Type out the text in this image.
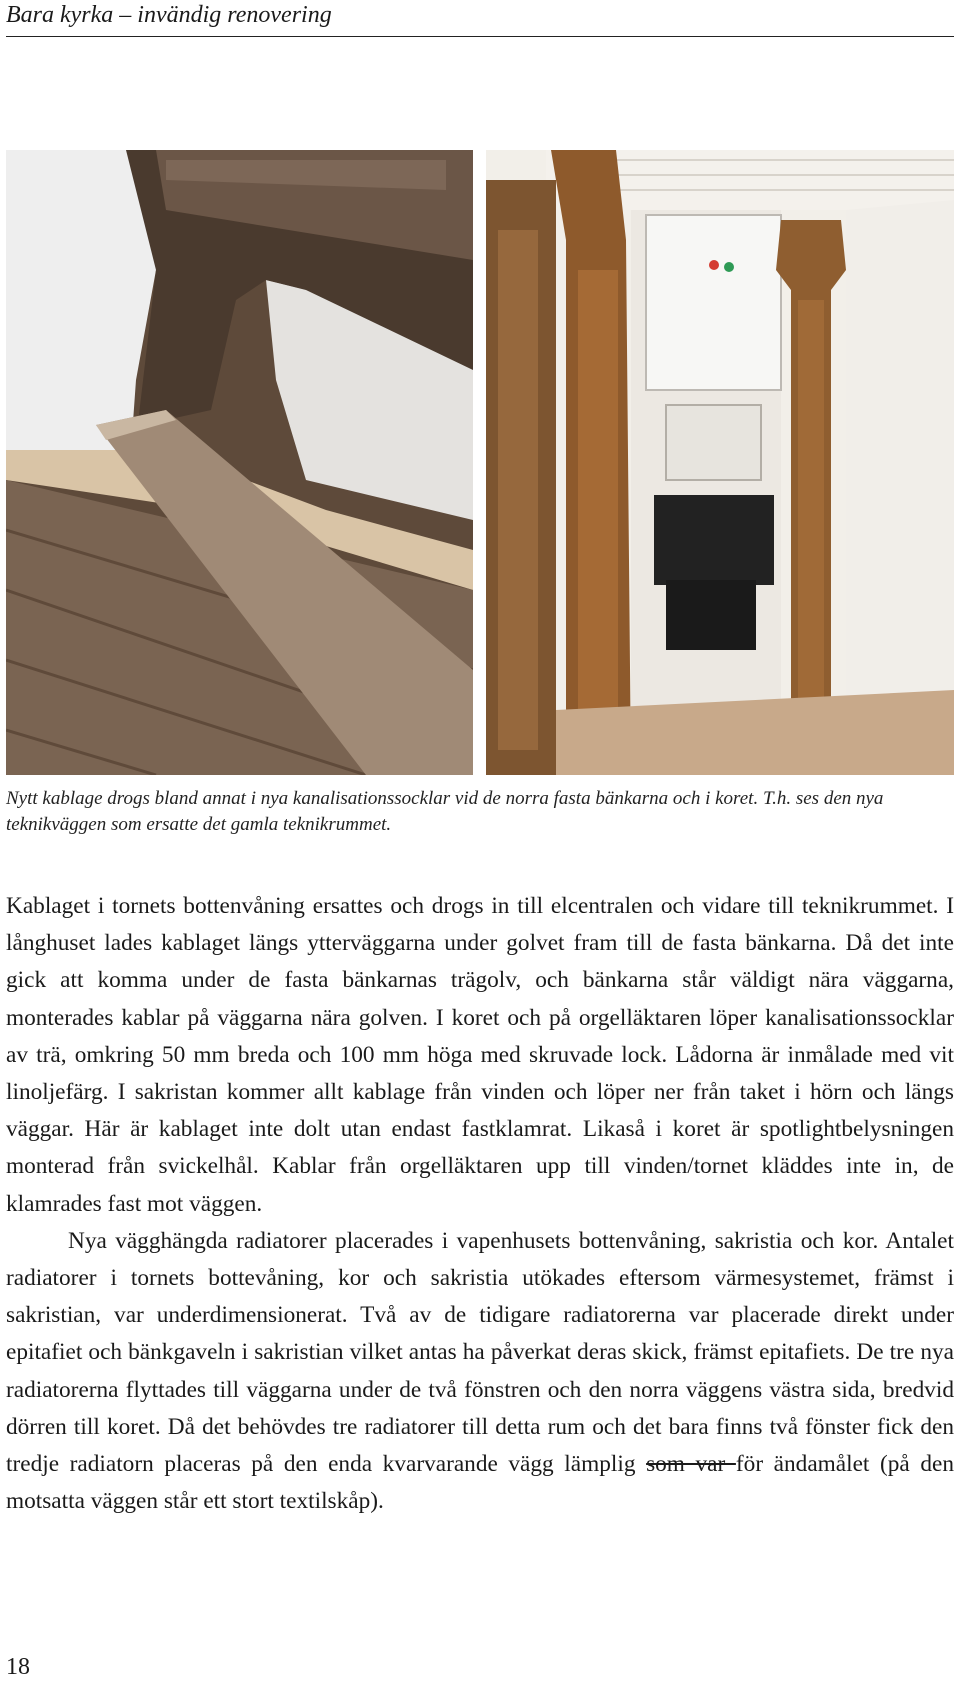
Bara kyrka – invändig renovering
Nytt kablage drogs bland annat i nya kanalisationssocklar vid de norra fasta bänkarna och i koret. T.h. ses den nya teknikväggen som ersatte det gamla teknikrummet.

Kablaget i tornets bottenvåning ersattes och drogs in till elcentralen och vidare till teknikrummet. I långhuset lades kablaget längs ytterväggarna under golvet fram till de fasta bänkarna. Då det inte gick att komma under de fasta bänkarnas trägolv, och bänkarna står väldigt nära väggarna, monterades kablar på väggarna nära golven. I koret och på orgelläktaren löper kanalisationssocklar av trä, omkring 50 mm breda och 100 mm höga med skruvade lock. Lådorna är inmålade med vit linoljefärg. I sakristan kommer allt kablage från vinden och löper ner från taket i hörn och längs väggar. Här är kablaget inte dolt utan endast fastklamrat. Likaså i koret är spotlightbelysningen monterad från svickelhål. Kablar från orgelläktaren upp till vinden/tornet kläddes inte in, de klamrades fast mot väggen.

Nya vägghängda radiatorer placerades i vapenhusets bottenvåning, sakristia och kor. Antalet radiatorer i tornets bottevåning, kor och sakristia utökades eftersom värmesystemet, främst i sakristian, var underdimensionerat. Två av de tidigare radiatorerna var placerade direkt under epitafiet och bänkgaveln i sakristian vilket antas ha påverkat deras skick, främst epitafiets. De tre nya radiatorerna flyttades till väggarna under de två fönstren och den norra väggens västra sida, bredvid dörren till koret. Då det behövdes tre radiatorer till detta rum och det bara finns två fönster fick den tredje radiatorn placeras på den enda kvarvarande vägg lämplig som var för ändamålet (på den motsatta väggen står ett stort textilskåp).

18
